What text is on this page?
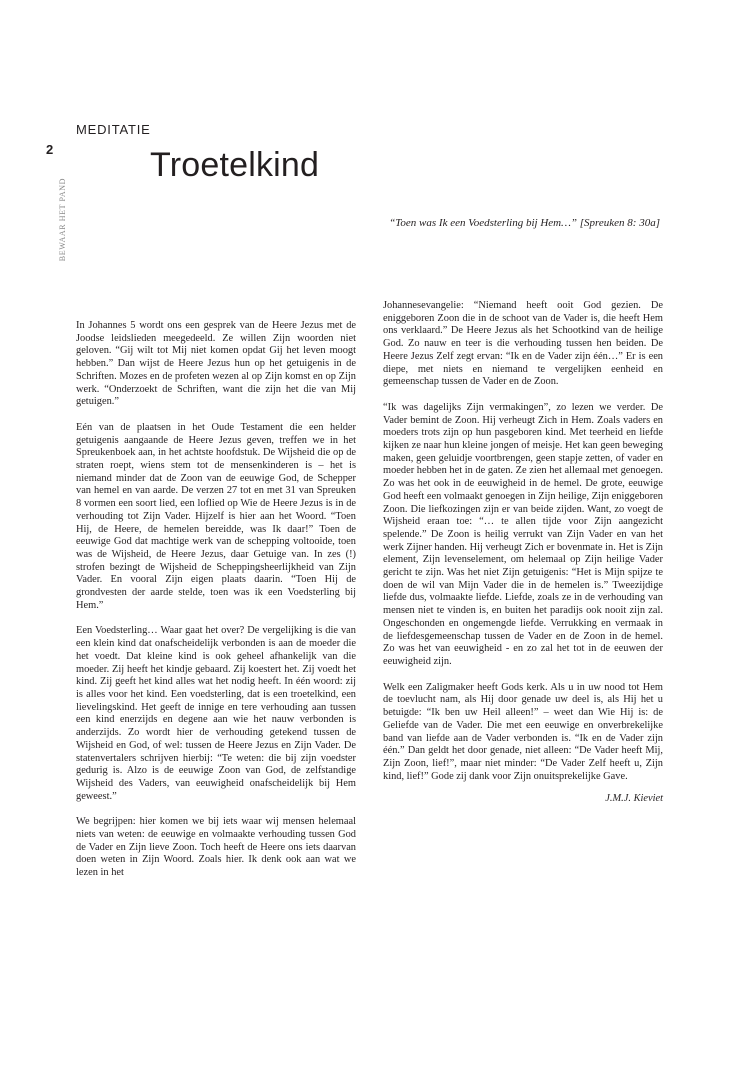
2
BEWAAR HET PAND
MEDITATIE
Troetelkind

“Toen was Ik een Voedsterling bij Hem…” [Spreuken 8: 30a]

In Johannes 5 wordt ons een gesprek van de Heere Jezus met de Joodse leidslieden meegedeeld. Ze willen Zijn woorden niet geloven. “Gij wilt tot Mij niet komen opdat Gij het leven moogt hebben.” Dan wijst de Heere Jezus hun op het getuigenis in de Schriften. Mozes en de profeten wezen al op Zijn komst en op Zijn werk. “Onderzoekt de Schriften, want die zijn het die van Mij getuigen.”

Eén van de plaatsen in het Oude Testament die een helder getuigenis aangaande de Heere Jezus geven, treffen we in het Spreukenboek aan, in het achtste hoofdstuk. De Wijsheid die op de straten roept, wiens stem tot de mensenkinderen is – het is niemand minder dat de Zoon van de eeuwige God, de Schepper van hemel en van aarde. De verzen 27 tot en met 31 van Spreuken 8 vormen een soort lied, een loflied op Wie de Heere Jezus is in de verhouding tot Zijn Vader. Hijzelf is hier aan het Woord. “Toen Hij, de Heere, de hemelen bereidde, was Ik daar!” Toen de eeuwige God dat machtige werk van de schepping voltooide, toen was de Wijsheid, de Heere Jezus, daar Getuige van. In zes (!) strofen bezingt de Wijsheid de Scheppingsheerlijkheid van Zijn Vader. En vooral Zijn eigen plaats daarin. “Toen Hij de grondvesten der aarde stelde, toen was ik een Voedsterling bij Hem.”

Een Voedsterling… Waar gaat het over? De vergelijking is die van een klein kind dat onafscheidelijk verbonden is aan de moeder die het voedt. Dat kleine kind is ook geheel afhankelijk van die moeder. Zij heeft het kindje gebaard. Zij koestert het. Zij voedt het kind. Zij geeft het kind alles wat het nodig heeft. In één woord: zij is alles voor het kind. Een voedsterling, dat is een troetelkind, een lievelingskind. Het geeft de innige en tere verhouding aan tussen een kind enerzijds en degene aan wie het nauw verbonden is anderzijds. Zo wordt hier de verhouding getekend tussen de Wijsheid en God, of wel: tussen de Heere Jezus en Zijn Vader. De statenvertalers schrijven hierbij: “Te weten: die bij zijn voedster gedurig is. Alzo is de eeuwige Zoon van God, de zelfstandige Wijsheid des Vaders, van eeuwigheid onafscheidelijk bij Hem geweest.”

We begrijpen: hier komen we bij iets waar wij mensen helemaal niets van weten: de eeuwige en volmaakte verhouding tussen God de Vader en Zijn lieve Zoon. Toch heeft de Heere ons iets daarvan doen weten in Zijn Woord. Zoals hier. Ik denk ook aan wat we lezen in het

Johannesevangelie: “Niemand heeft ooit God gezien. De eniggeboren Zoon die in de schoot van de Vader is, die heeft Hem ons verklaard.” De Heere Jezus als het Schootkind van de heilige God. Zo nauw en teer is die verhouding tussen hen beiden. De Heere Jezus Zelf zegt ervan: “Ik en de Vader zijn één…” Er is een diepe, met niets en niemand te vergelijken eenheid en gemeenschap tussen de Vader en de Zoon.

“Ik was dagelijks Zijn vermakingen”, zo lezen we verder. De Vader bemint de Zoon. Hij verheugt Zich in Hem. Zoals vaders en moeders trots zijn op hun pasgeboren kind. Met teerheid en liefde kijken ze naar hun kleine jongen of meisje. Het kan geen beweging maken, geen geluidje voortbrengen, geen stapje zetten, of vader en moeder hebben het in de gaten. Ze zien het allemaal met genoegen. Zo was het ook in de eeuwigheid in de hemel. De grote, eeuwige God heeft een volmaakt genoegen in Zijn heilige, Zijn eniggeboren Zoon. Die liefkozingen zijn er van beide zijden. Want, zo voegt de Wijsheid eraan toe: “… te allen tijde voor Zijn aangezicht spelende.” De Zoon is heilig verrukt van Zijn Vader en van het werk Zijner handen. Hij verheugt Zich er bovenmate in. Het is Zijn element, Zijn levenselement, om helemaal op Zijn heilige Vader gericht te zijn. Was het niet Zijn getuigenis: “Het is Mijn spijze te doen de wil van Mijn Vader die in de hemelen is.” Tweezijdige liefde dus, volmaakte liefde. Liefde, zoals ze in de verhouding van mensen niet te vinden is, en buiten het paradijs ook nooit zijn zal. Ongeschonden en ongemengde liefde. Verrukking en vermaak in de liefdesgemeenschap tussen de Vader en de Zoon in de hemel. Zo was het van eeuwigheid - en zo zal het tot in de eeuwen der eeuwigheid zijn.

Welk een Zaligmaker heeft Gods kerk. Als u in uw nood tot Hem de toevlucht nam, als Hij door genade uw deel is, als Hij het u betuigde: “Ik ben uw Heil alleen!” – weet dan Wie Hij is: de Geliefde van de Vader. Die met een eeuwige en onverbrekelijke band van liefde aan de Vader verbonden is. “Ik en de Vader zijn één.” Dan geldt het door genade, niet alleen: “De Vader heeft Mij, Zijn Zoon, lief!”, maar niet minder: “De Vader Zelf heeft u, Zijn kind, lief!” Gode zij dank voor Zijn onuitsprekelijke Gave.

J.M.J. Kieviet
